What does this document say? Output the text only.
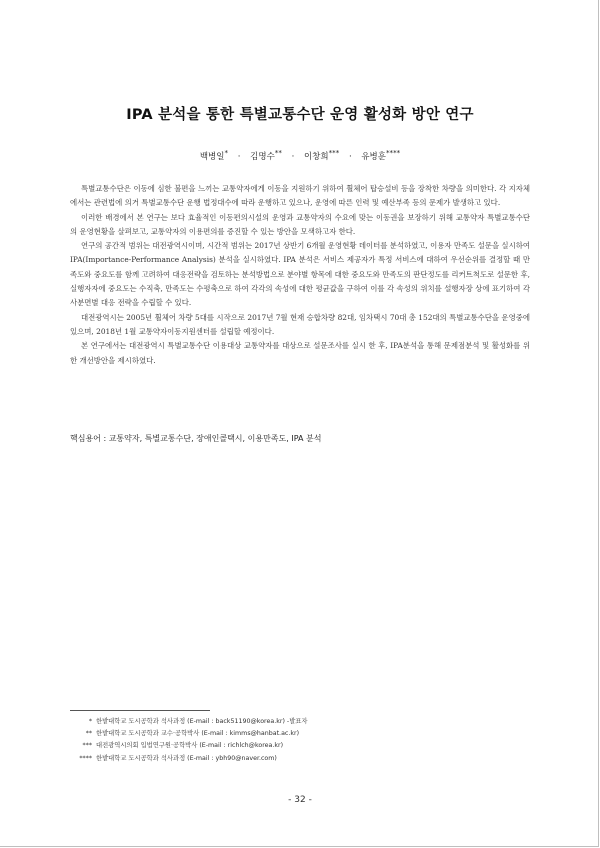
IPA 분석을 통한 특별교통수단 운영 활성화 방안 연구
백병일* · 김명수** · 이창희*** · 유병훈****

특별교통수단은 이동에 심한 불편을 느끼는 교통약자에게 이동을 지원하기 위하여 휠체어 탑승설비 등을 장착한 차량을 의미한다. 각 지자체에서는 관련법에 의거 특별교통수단 운행 법정대수에 따라 운행하고 있으나, 운영에 따른 인력 및 예산부족 등의 문제가 발생하고 있다.

이러한 배경에서 본 연구는 보다 효율적인 이동편의시설의 운영과 교통약자의 수요에 맞는 이동권을 보장하기 위해 교통약자 특별교통수단의 운영현황을 살펴보고, 교통약자의 이용편의를 증진할 수 있는 방안을 모색하고자 한다.

연구의 공간적 범위는 대전광역시이며, 시간적 범위는 2017년 상반기 6개월 운영현황 데이터를 분석하였고, 이용자 만족도 설문을 실시하여 IPA(Importance-Performance Analysis) 분석을 실시하였다. IPA 분석은 서비스 제공자가 특정 서비스에 대하여 우선순위를 결정할 때 만족도와 중요도를 함께 고려하여 대응전략을 검토하는 분석방법으로 분야별 항목에 대한 중요도와 만족도의 판단정도를 리커트척도로 설문한 후, 실행자자에 중요도는 수직축, 만족도는 수평축으로 하여 각각의 속성에 대한 평균값을 구하여 이를 각 속성의 위치를 설행자장 상에 표기하여 각 사분면별 대응 전략을 수립할 수 있다.

대전광역시는 2005년 휠체어 차량 5대를 시작으로 2017년 7월 현재 승합차량 82대, 임차택시 70대 총 152대의 특별교통수단을 운영중에 있으며, 2018년 1월 교통약자이동지원센터를 설립할 예정이다.

본 연구에서는 대전광역시 특별교통수단 이용대상 교통약자를 대상으로 설문조사를 실시 한 후, IPA분석을 통해 문제점분석 및 활성화를 위한 개선방안을 제시하였다.

핵심용어 : 교통약자, 특별교통수단, 장애인콜택시, 이용만족도, IPA 분석
* 한밭대학교 도시공학과 석사과정 (E-mail : back51190@korea.kr) -발표자
** 한밭대학교 도시공학과 교수·공학박사 (E-mail : kimms@hanbat.ac.kr)
*** 대전광역시의회 입법연구원·공학박사 (E-mail : richlch@korea.kr)
**** 한밭대학교 도시공학과 석사과정 (E-mail : ybh90@naver.com)
- 32 -
